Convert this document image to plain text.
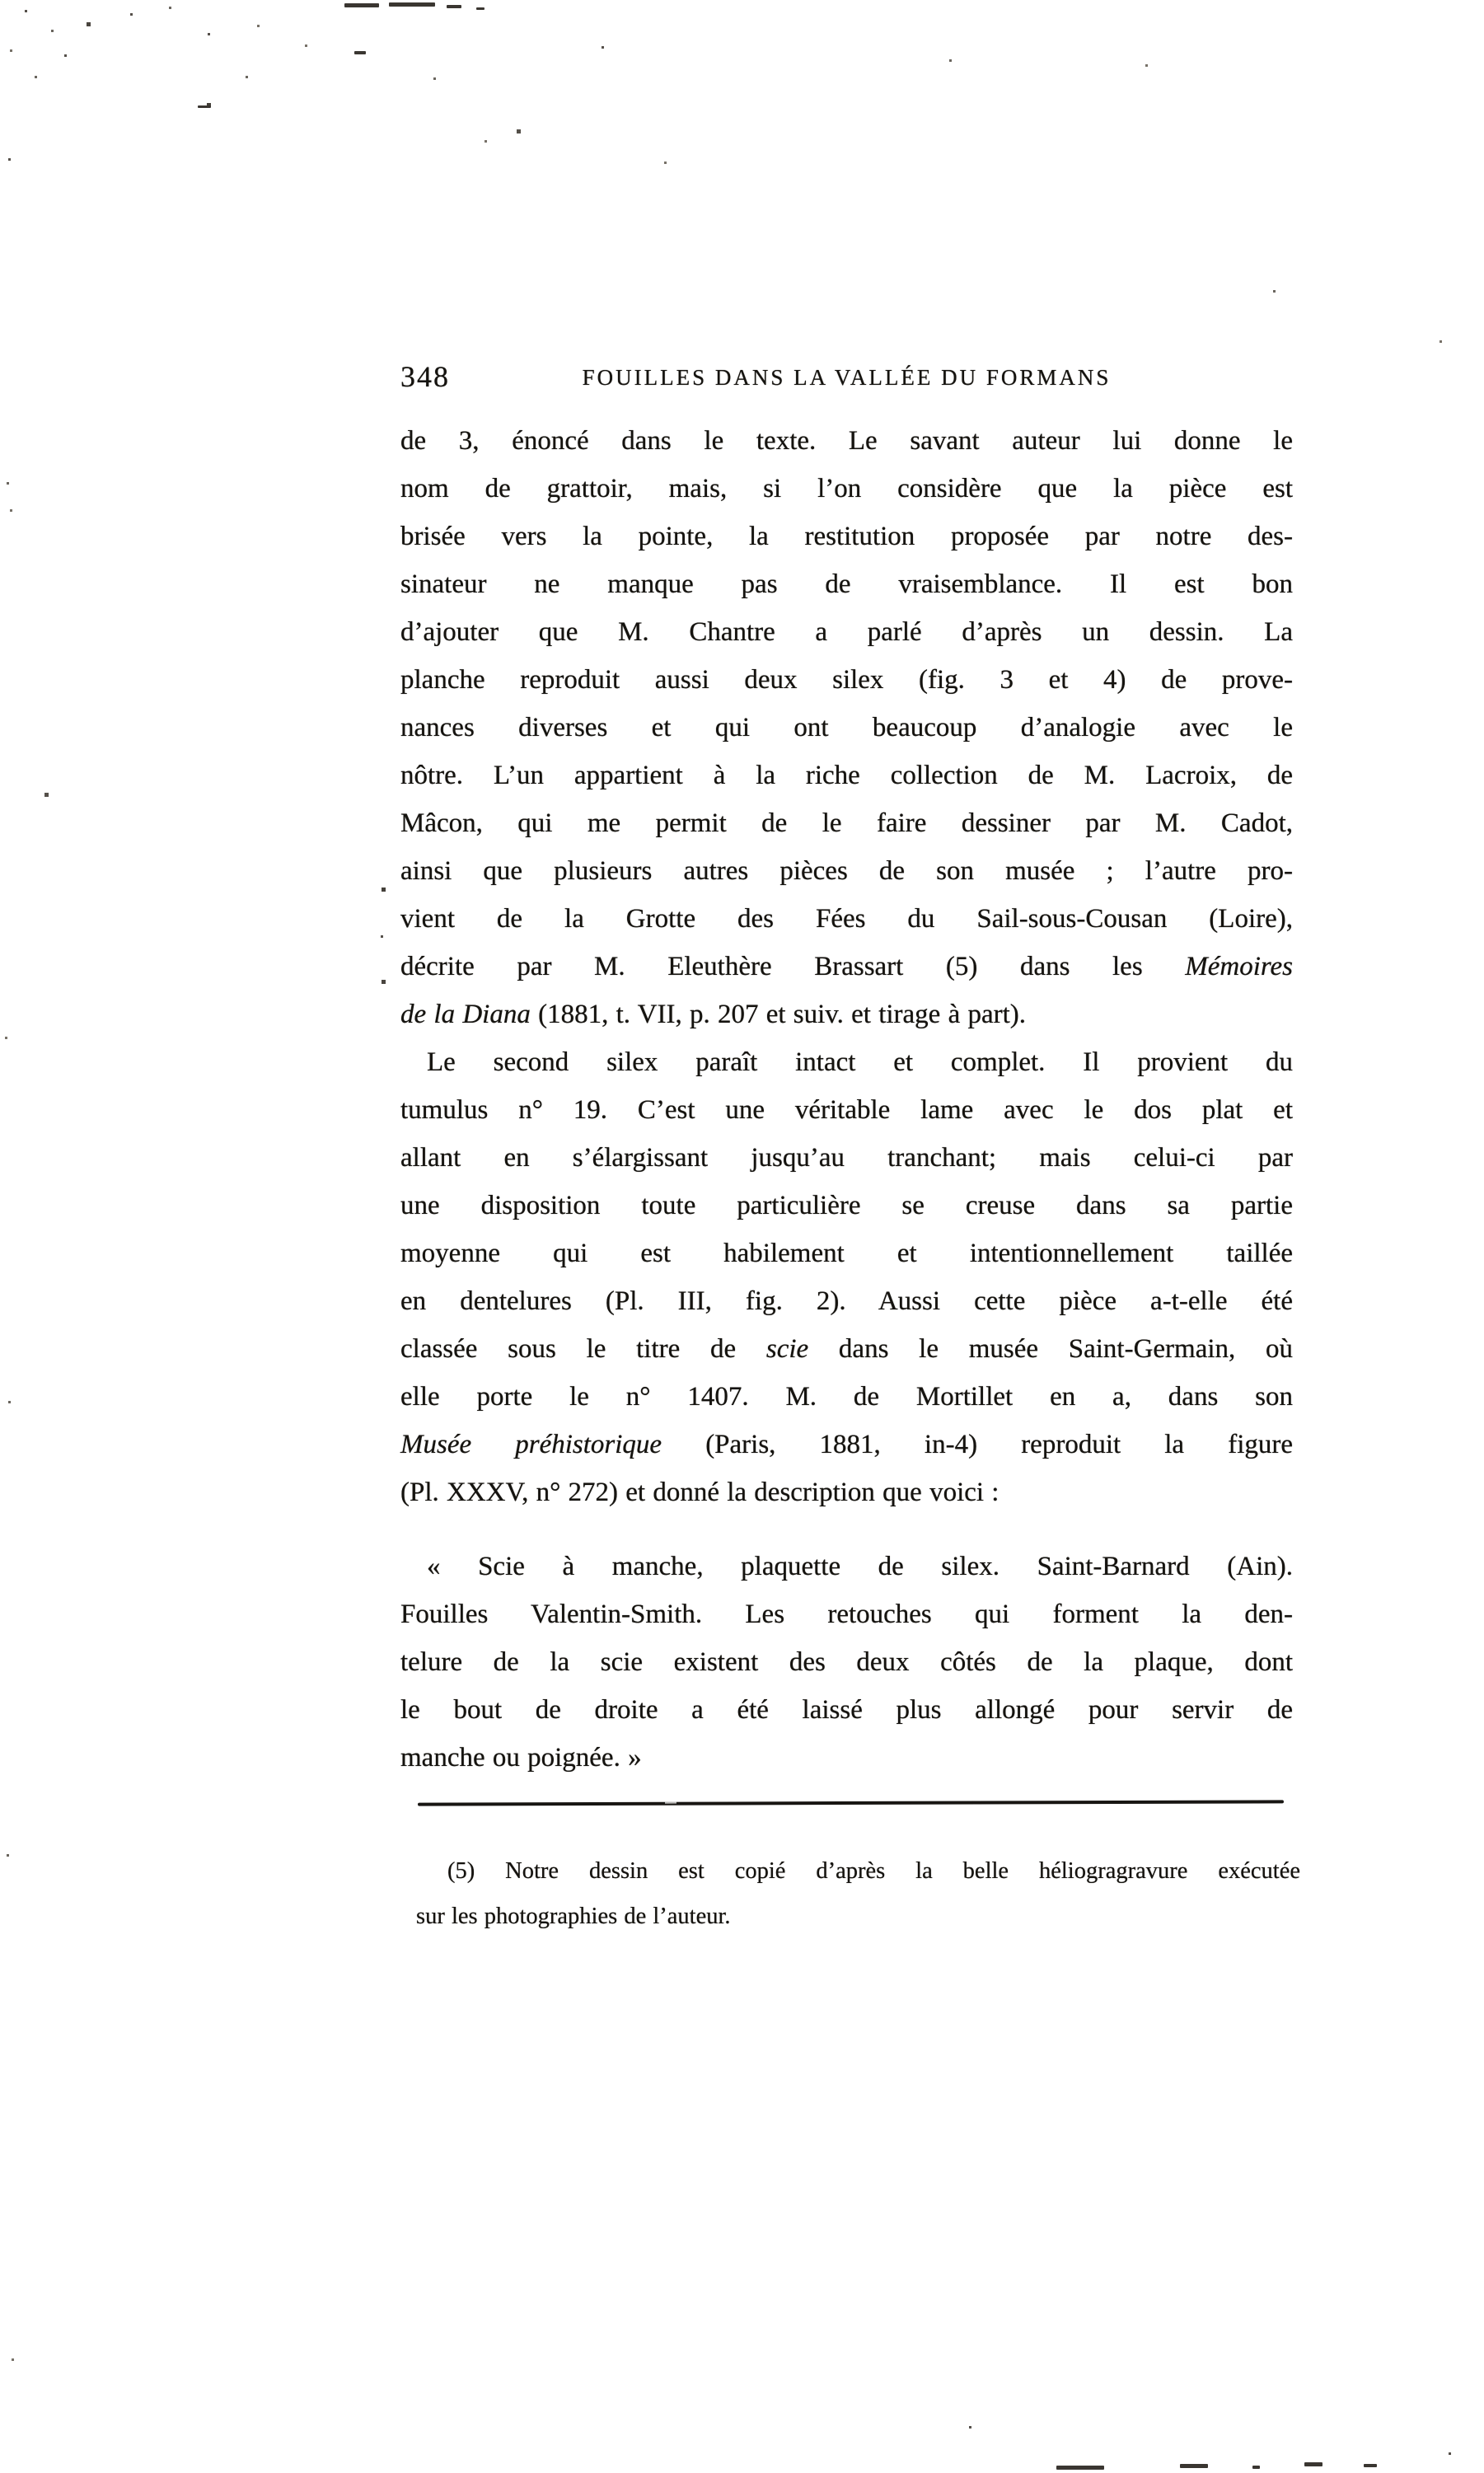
348	FOUILLES DANS LA VALLÉE DU FORMANS
de 3, énoncé dans le texte. Le savant auteur lui donne le
nom de grattoir, mais, si l’on considère que la pièce est
brisée vers la pointe, la restitution proposée par notre des-
sinateur ne manque pas de vraisemblance. Il est bon
d’ajouter que M. Chantre a parlé d’après un dessin. La
planche reproduit aussi deux silex (fig. 3 et 4) de prove-
nances diverses et qui ont beaucoup d’analogie avec le
nôtre. L’un appartient à la riche collection de M. Lacroix, de
Mâcon, qui me permit de le faire dessiner par M. Cadot,
ainsi que plusieurs autres pièces de son musée ; l’autre pro-
vient de la Grotte des Fées du Sail-sous-Cousan (Loire),
décrite par M. Eleuthère Brassart (5) dans les Mémoires
de la Diana (1881, t. VII, p. 207 et suiv. et tirage à part).
Le second silex paraît intact et complet. Il provient du
tumulus n° 19. C’est une véritable lame avec le dos plat et
allant en s’élargissant jusqu’au tranchant; mais celui-ci par
une disposition toute particulière se creuse dans sa partie
moyenne qui est habilement et intentionnellement taillée
en dentelures (Pl. III, fig. 2). Aussi cette pièce a-t-elle été
classée sous le titre de scie dans le musée Saint-Germain, où
elle porte le n° 1407. M. de Mortillet en a, dans son
Musée préhistorique (Paris, 1881, in-4) reproduit la figure
(Pl. XXXV, n° 272) et donné la description que voici :
« Scie à manche, plaquette de silex. Saint-Barnard (Ain).
Fouilles Valentin-Smith. Les retouches qui forment la den-
telure de la scie existent des deux côtés de la plaque, dont
le bout de droite a été laissé plus allongé pour servir de
manche ou poignée. »
(5) Notre dessin est copié d’après la belle héliogragravure exécutée
sur les photographies de l’auteur.
